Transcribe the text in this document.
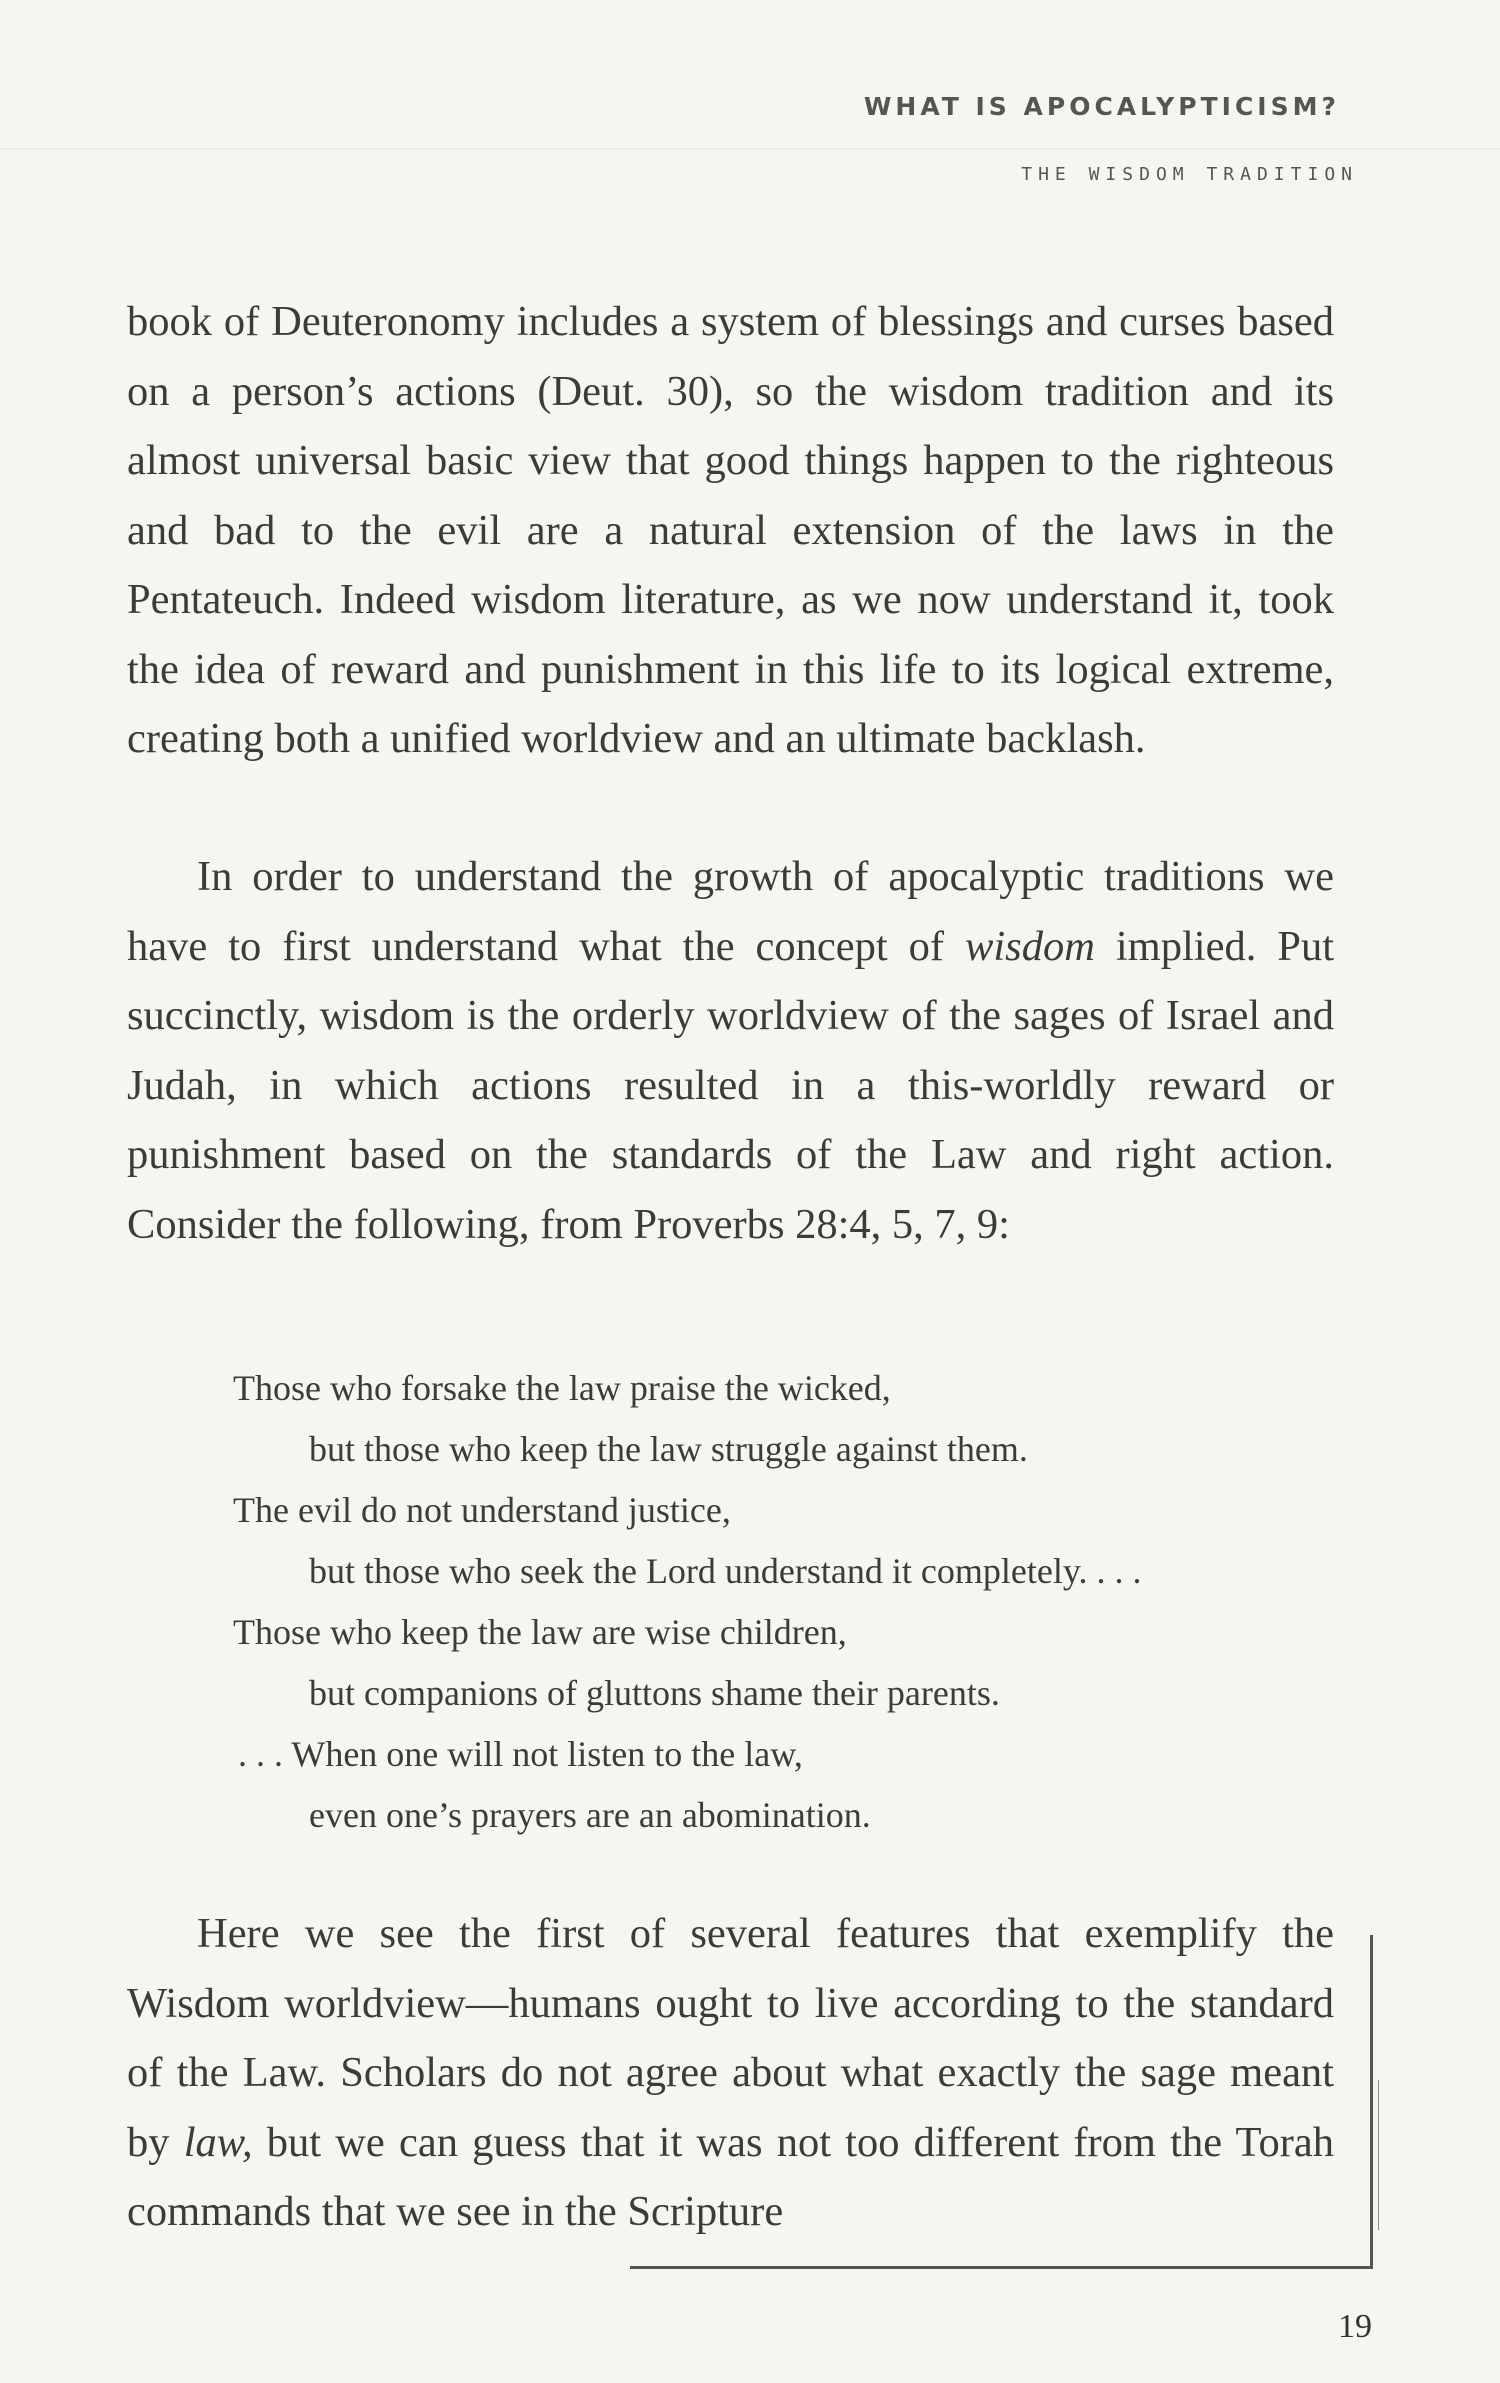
WHAT IS APOCALYPTICISM?
THE WISDOM TRADITION

book of Deuteronomy includes a system of blessings and curses based on a person’s actions (Deut. 30), so the wisdom tradition and its almost universal basic view that good things happen to the righteous and bad to the evil are a natural extension of the laws in the Pentateuch. Indeed wisdom literature, as we now understand it, took the idea of reward and punishment in this life to its logical extreme, creating both a unified worldview and an ultimate backlash.

In order to understand the growth of apocalyptic traditions we have to first understand what the concept of wisdom implied. Put succinctly, wisdom is the orderly worldview of the sages of Israel and Judah, in which actions resulted in a this-worldly reward or punishment based on the standards of the Law and right action. Consider the following, from Proverbs 28:4, 5, 7, 9:

Those who forsake the law praise the wicked,
but those who keep the law struggle against them.
The evil do not understand justice,
but those who seek the Lord understand it completely. . . .
Those who keep the law are wise children,
but companions of gluttons shame their parents.
. . . When one will not listen to the law,
even one’s prayers are an abomination.

Here we see the first of several features that exemplify the Wisdom worldview—humans ought to live according to the standard of the Law. Scholars do not agree about what exactly the sage meant by law, but we can guess that it was not too different from the Torah commands that we see in the Scripture

19
